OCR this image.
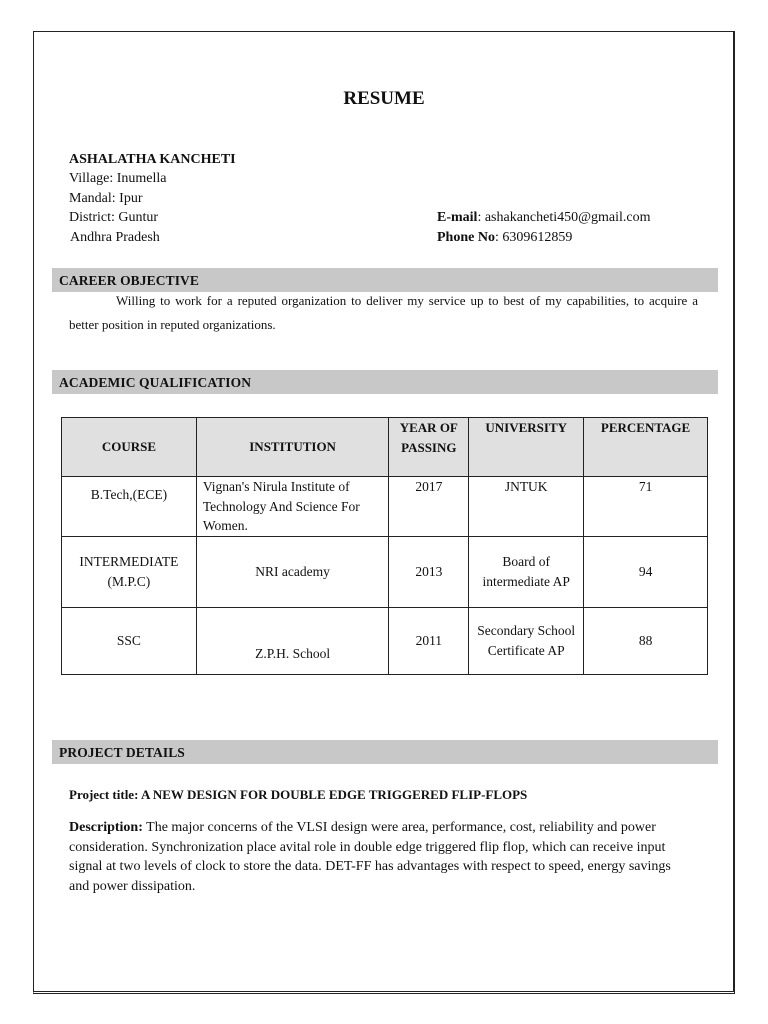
RESUME
ASHALATHA KANCHETI
Village: Inumella
Mandal: Ipur
District: Guntur
Andhra Pradesh
E-mail: ashakancheti450@gmail.com
Phone No: 6309612859
CAREER OBJECTIVE
Willing to work for a reputed organization to deliver my service up to best of my capabilities, to acquire a better position in reputed organizations.
ACADEMIC QUALIFICATION
COURSE	INSTITUTION	YEAR OF PASSING	UNIVERSITY	PERCENTAGE
B.Tech,(ECE)	Vignan's Nirula Institute of Technology And Science For Women.	2017	JNTUK	71
INTERMEDIATE (M.P.C)	NRI academy	2013	Board of intermediate AP	94
SSC	Z.P.H. School	2011	Secondary School Certificate AP	88
PROJECT DETAILS
Project title: A NEW DESIGN FOR DOUBLE EDGE TRIGGERED FLIP-FLOPS
Description: The major concerns of the VLSI design were area, performance, cost, reliability and power consideration. Synchronization place avital role in double edge triggered flip flop, which can receive input signal at two levels of clock to store the data. DET-FF has advantages with respect to speed, energy savings and power dissipation.
